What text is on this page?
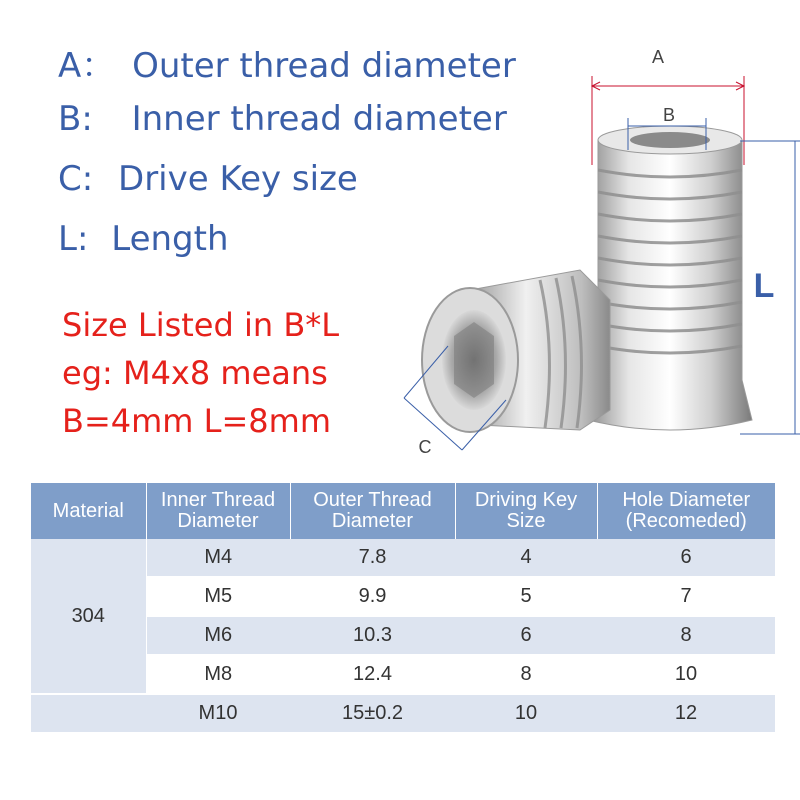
A： Outer thread diameter
B: Inner thread diameter
C: Drive Key size
L: Length
Size Listed in B*L
eg: M4x8 means
B=4mm L=8mm
A
B
L
C
Material	Inner Thread Diameter	Outer Thread Diameter	Driving Key Size	Hole Diameter (Recomeded)
304	M4	7.8	4	6
	M5	9.9	5	7
	M6	10.3	6	8
	M8	12.4	8	10
	M10	15±0.2	10	12
